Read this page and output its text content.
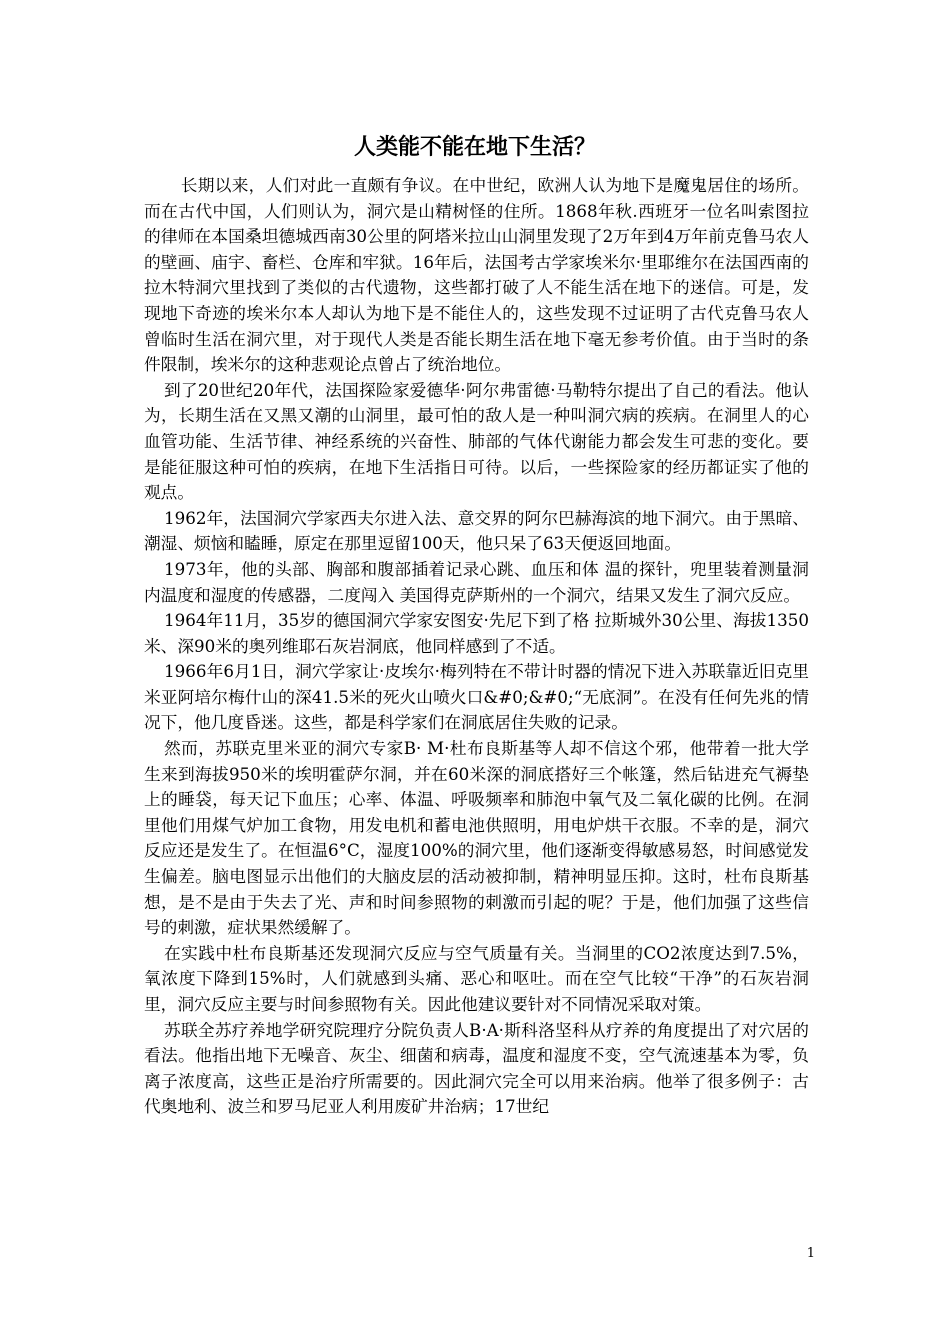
人类能不能在地下生活？

长期以来，人们对此一直颇有争议。在中世纪，欧洲人认为地下是魔鬼居住的场所。而在古代中国，人们则认为，洞穴是山精树怪的住所。1868年秋.西班牙一位名叫索图拉的律师在本国桑坦德城西南30公里的阿塔米拉山山洞里发现了2万年到4万年前克鲁马农人的壁画、庙宇、畜栏、仓库和牢狱。16年后，法国考古学家埃米尔·里耶维尔在法国西南的拉木特洞穴里找到了类似的古代遗物，这些都打破了人不能生活在地下的迷信。可是，发现地下奇迹的埃米尔本人却认为地下是不能住人的，这些发现不过证明了古代克鲁马农人曾临时生活在洞穴里，对于现代人类是否能长期生活在地下毫无参考价值。由于当时的条件限制，埃米尔的这种悲观论点曾占了统治地位。

到了20世纪20年代，法国探险家爱德华·阿尔弗雷德·马勒特尔提出了自己的看法。他认为，长期生活在又黑又潮的山洞里，最可怕的敌人是一种叫洞穴病的疾病。在洞里人的心血管功能、生活节律、神经系统的兴奋性、肺部的气体代谢能力都会发生可悲的变化。要是能征服这种可怕的疾病，在地下生活指日可待。以后，一些探险家的经历都证实了他的观点。

1962年，法国洞穴学家西夫尔进入法、意交界的阿尔巴赫海滨的地下洞穴。由于黑暗、潮湿、烦恼和瞌睡，原定在那里逗留100天，他只呆了63天便返回地面。

1973年，他的头部、胸部和腹部插着记录心跳、血压和体 温的探针，兜里装着测量洞内温度和湿度的传感器，二度闯入 美国得克萨斯州的一个洞穴，结果又发生了洞穴反应。

1964年11月，35岁的德国洞穴学家安图安·先尼下到了格 拉斯城外30公里、海拔1350米、深90米的奥列维耶石灰岩洞底，他同样感到了不适。

1966年6月1日，洞穴学家让·皮埃尔·梅列特在不带计时器的情况下进入苏联靠近旧克里米亚阿培尔梅什山的深41.5米的死火山喷火口&#0;&#0;“无底洞”。在没有任何先兆的情况下，他几度昏迷。这些，都是科学家们在洞底居住失败的记录。

然而，苏联克里米亚的洞穴专家B· M·杜布良斯基等人却不信这个邪，他带着一批大学生来到海拔950米的埃明霍萨尔洞，并在60米深的洞底搭好三个帐篷，然后钻进充气褥垫上的睡袋，每天记下血压；心率、体温、呼吸频率和肺泡中氧气及二氧化碳的比例。在洞里他们用煤气炉加工食物，用发电机和蓄电池供照明，用电炉烘干衣服。不幸的是，洞穴反应还是发生了。在恒温6°C，湿度100%的洞穴里，他们逐渐变得敏感易怒，时间感觉发生偏差。脑电图显示出他们的大脑皮层的活动被抑制，精神明显压抑。这时，杜布良斯基想，是不是由于失去了光、声和时间参照物的刺激而引起的呢？于是，他们加强了这些信号的刺激，症状果然缓解了。

在实践中杜布良斯基还发现洞穴反应与空气质量有关。当洞里的CO2浓度达到7.5%，氧浓度下降到15%时，人们就感到头痛、恶心和呕吐。而在空气比较“干净”的石灰岩洞里，洞穴反应主要与时间参照物有关。因此他建议要针对不同情况采取对策。

苏联全苏疗养地学研究院理疗分院负责人B·A·斯科洛坚科从疗养的角度提出了对穴居的看法。他指出地下无噪音、灰尘、细菌和病毒，温度和湿度不变，空气流速基本为零，负离子浓度高，这些正是治疗所需要的。因此洞穴完全可以用来治病。他举了很多例子：古代奥地利、波兰和罗马尼亚人利用废矿井治病；17世纪

1
